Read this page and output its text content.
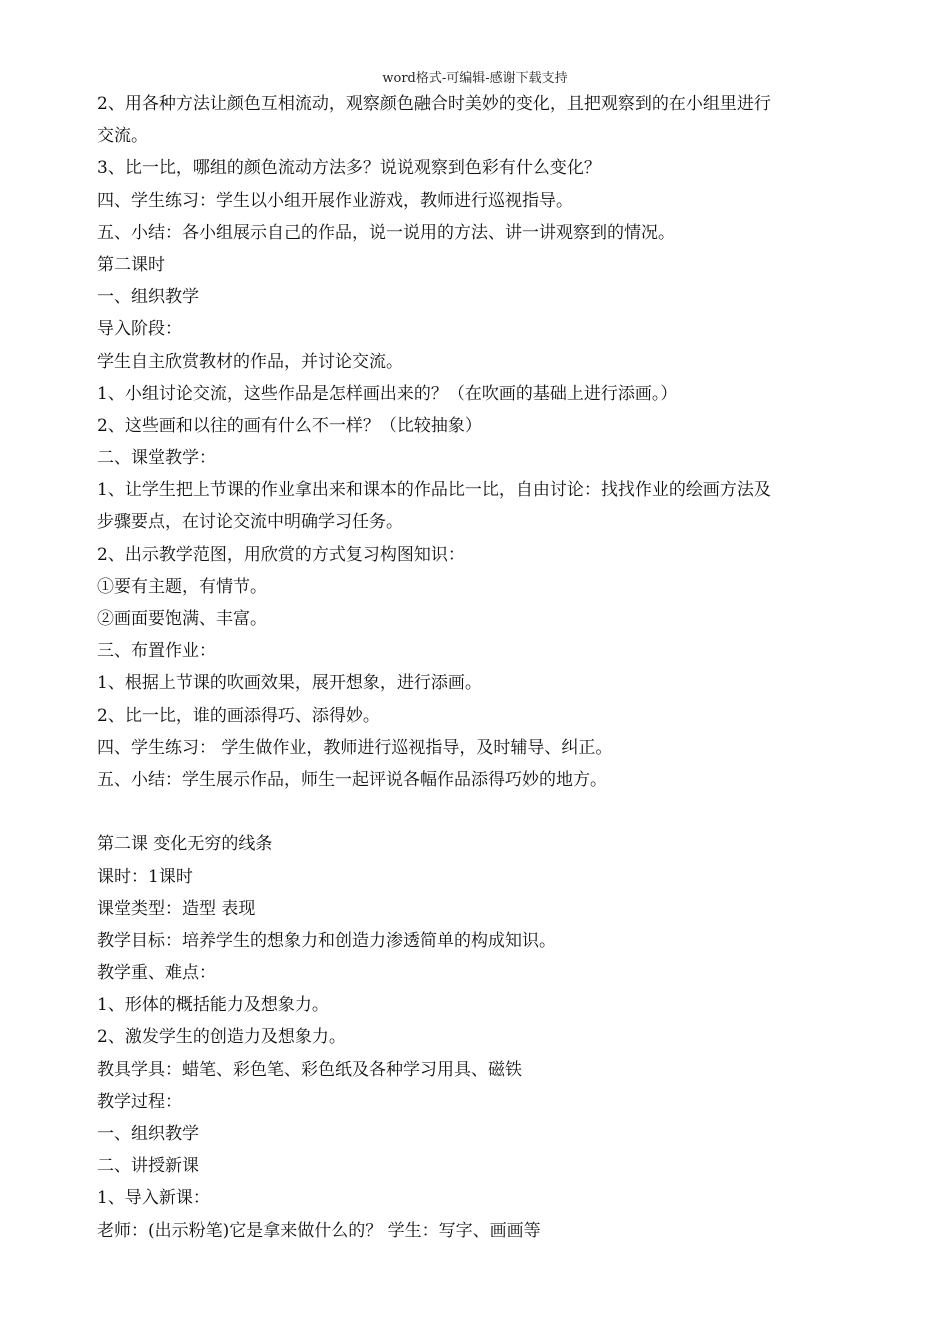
word格式-可编辑-感谢下载支持
2、用各种方法让颜色互相流动，观察颜色融合时美妙的变化，且把观察到的在小组里进行
交流。
3、比一比，哪组的颜色流动方法多？说说观察到色彩有什么变化？
四、学生练习：学生以小组开展作业游戏，教师进行巡视指导。
五、小结：各小组展示自己的作品，说一说用的方法、讲一讲观察到的情况。
第二课时
一、组织教学
导入阶段：
学生自主欣赏教材的作品，并讨论交流。
1、小组讨论交流，这些作品是怎样画出来的？（在吹画的基础上进行添画。）
2、这些画和以往的画有什么不一样？（比较抽象）
二、课堂教学：
1、让学生把上节课的作业拿出来和课本的作品比一比，自由讨论：找找作业的绘画方法及
步骤要点，在讨论交流中明确学习任务。
2、出示教学范图，用欣赏的方式复习构图知识：
①要有主题，有情节。
②画面要饱满、丰富。
三、布置作业：
1、根据上节课的吹画效果，展开想象，进行添画。
2、比一比，谁的画添得巧、添得妙。
四、学生练习： 学生做作业，教师进行巡视指导，及时辅导、纠正。
五、小结：学生展示作品，师生一起评说各幅作品添得巧妙的地方。
第二课 变化无穷的线条
课时：1课时
课堂类型：造型 表现
教学目标：培养学生的想象力和创造力渗透简单的构成知识。
教学重、难点：
1、形体的概括能力及想象力。
2、激发学生的创造力及想象力。
教具学具：蜡笔、彩色笔、彩色纸及各种学习用具、磁铁
教学过程：
一、组织教学
二、讲授新课
1、导入新课：
老师：(出示粉笔)它是拿来做什么的？ 学生：写字、画画等
